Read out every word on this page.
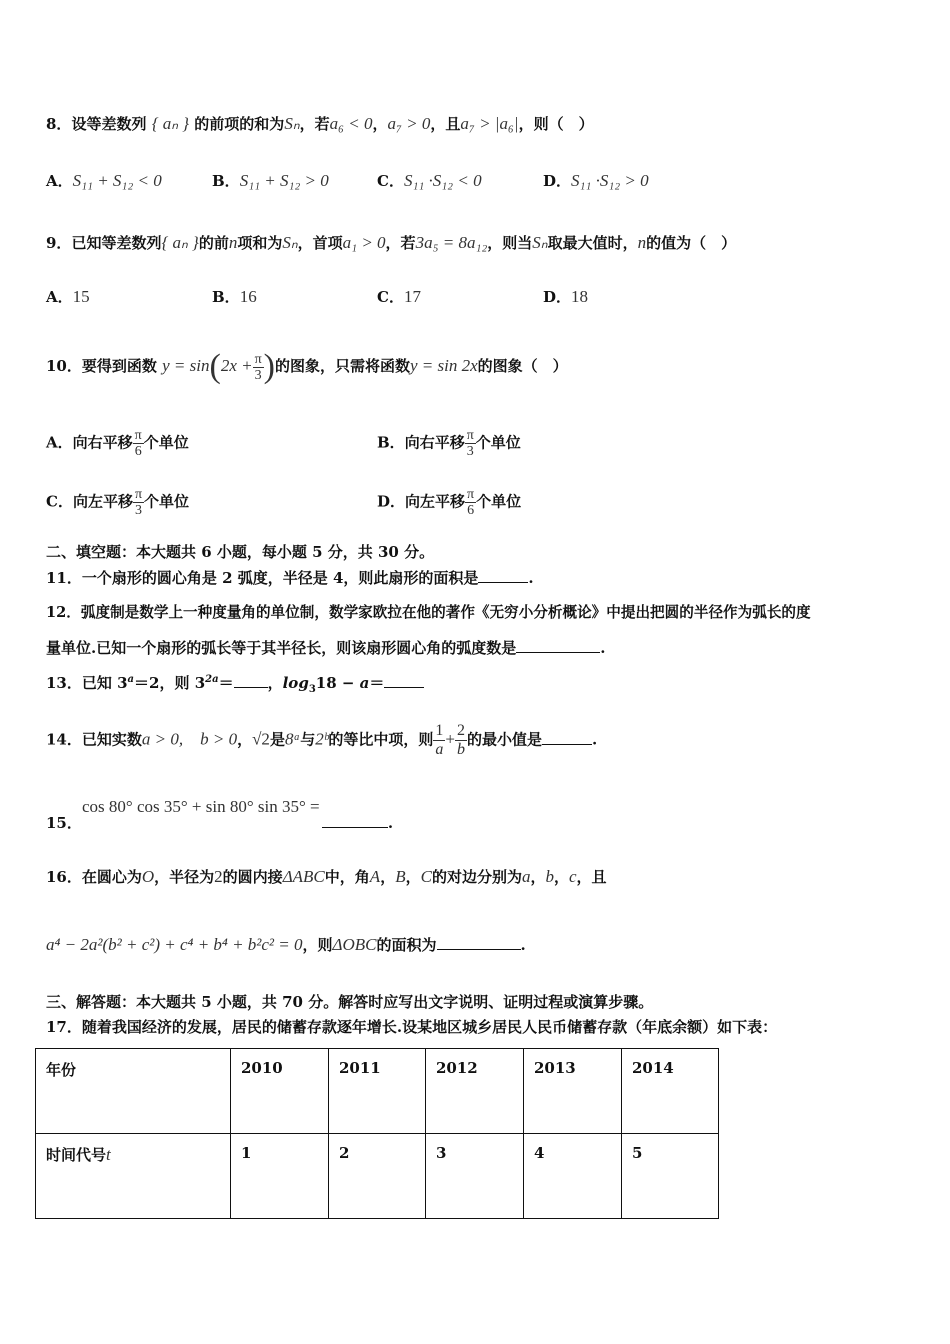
8．设等差数列 { aₙ } 的前项的和为Sₙ，若a₆ < 0，a₇ > 0，且a₇ > |a₆|，则（　）
A．S₁₁ + S₁₂ < 0	B．S₁₁ + S₁₂ > 0	C．S₁₁ ·S₁₂ < 0	D．S₁₁ ·S₁₂ > 0
9．已知等差数列{ aₙ }的前n项和为Sₙ，首项a₁ > 0，若3a₅ = 8a₁₂，则当Sₙ取最大值时，n的值为（　）
A．15	B．16	C．17	D．18
10．要得到函数 $y = \sin(2x + \frac{\pi}{3}$ )的图象，只需将函数y = sin 2x的图象（　）
A．向右平移 $\frac{\pi}{6}$ 个单位	B．向右平移 $\frac{\pi}{3}$ 个单位
C．向左平移 $\frac{\pi}{3}$ 个单位	D．向左平移 $\frac{\pi}{6}$ 个单位
二、填空题：本大题共 6 小题，每小题 5 分，共 30 分。
11．一个扇形的圆心角是 2 弧度，半径是 4，则此扇形的面积是	.
12．弧度制是数学上一种度量角的单位制，数学家欧拉在他的著作《无穷小分析概论》中提出把圆的半径作为弧长的度
量单位.已知一个扇形的弧长等于其半径长，则该扇形圆心角的弧度数是	.
13．已知 $3^a=2$，则 $3^{2a}=$ ，$\log_318 - a=$
14．已知实数a > 0,　b > 0，√2是8ᵃ与2ᵇ的等比中项，则 $\frac{1}{a} + \frac{2}{b}$ 的最小值是	.
cos 80° cos 35° + sin 80° sin 35° =
15．	.
16．在圆心为O，半径为2的圆内接ΔABC中，角A，B，C的对边分别为a，b，c，且
a⁴ − 2a²(b² + c²) + c⁴ + b⁴ + b²c² = 0，则ΔOBC的面积为	.
三、解答题：本大题共 5 小题，共 70 分。解答时应写出文字说明、证明过程或演算步骤。
17．随着我国经济的发展，居民的储蓄存款逐年增长.设某地区城乡居民人民币储蓄存款（年底余额）如下表：
年份	2010	2011	2012	2013	2014
时间代号t	1	2	3	4	5
